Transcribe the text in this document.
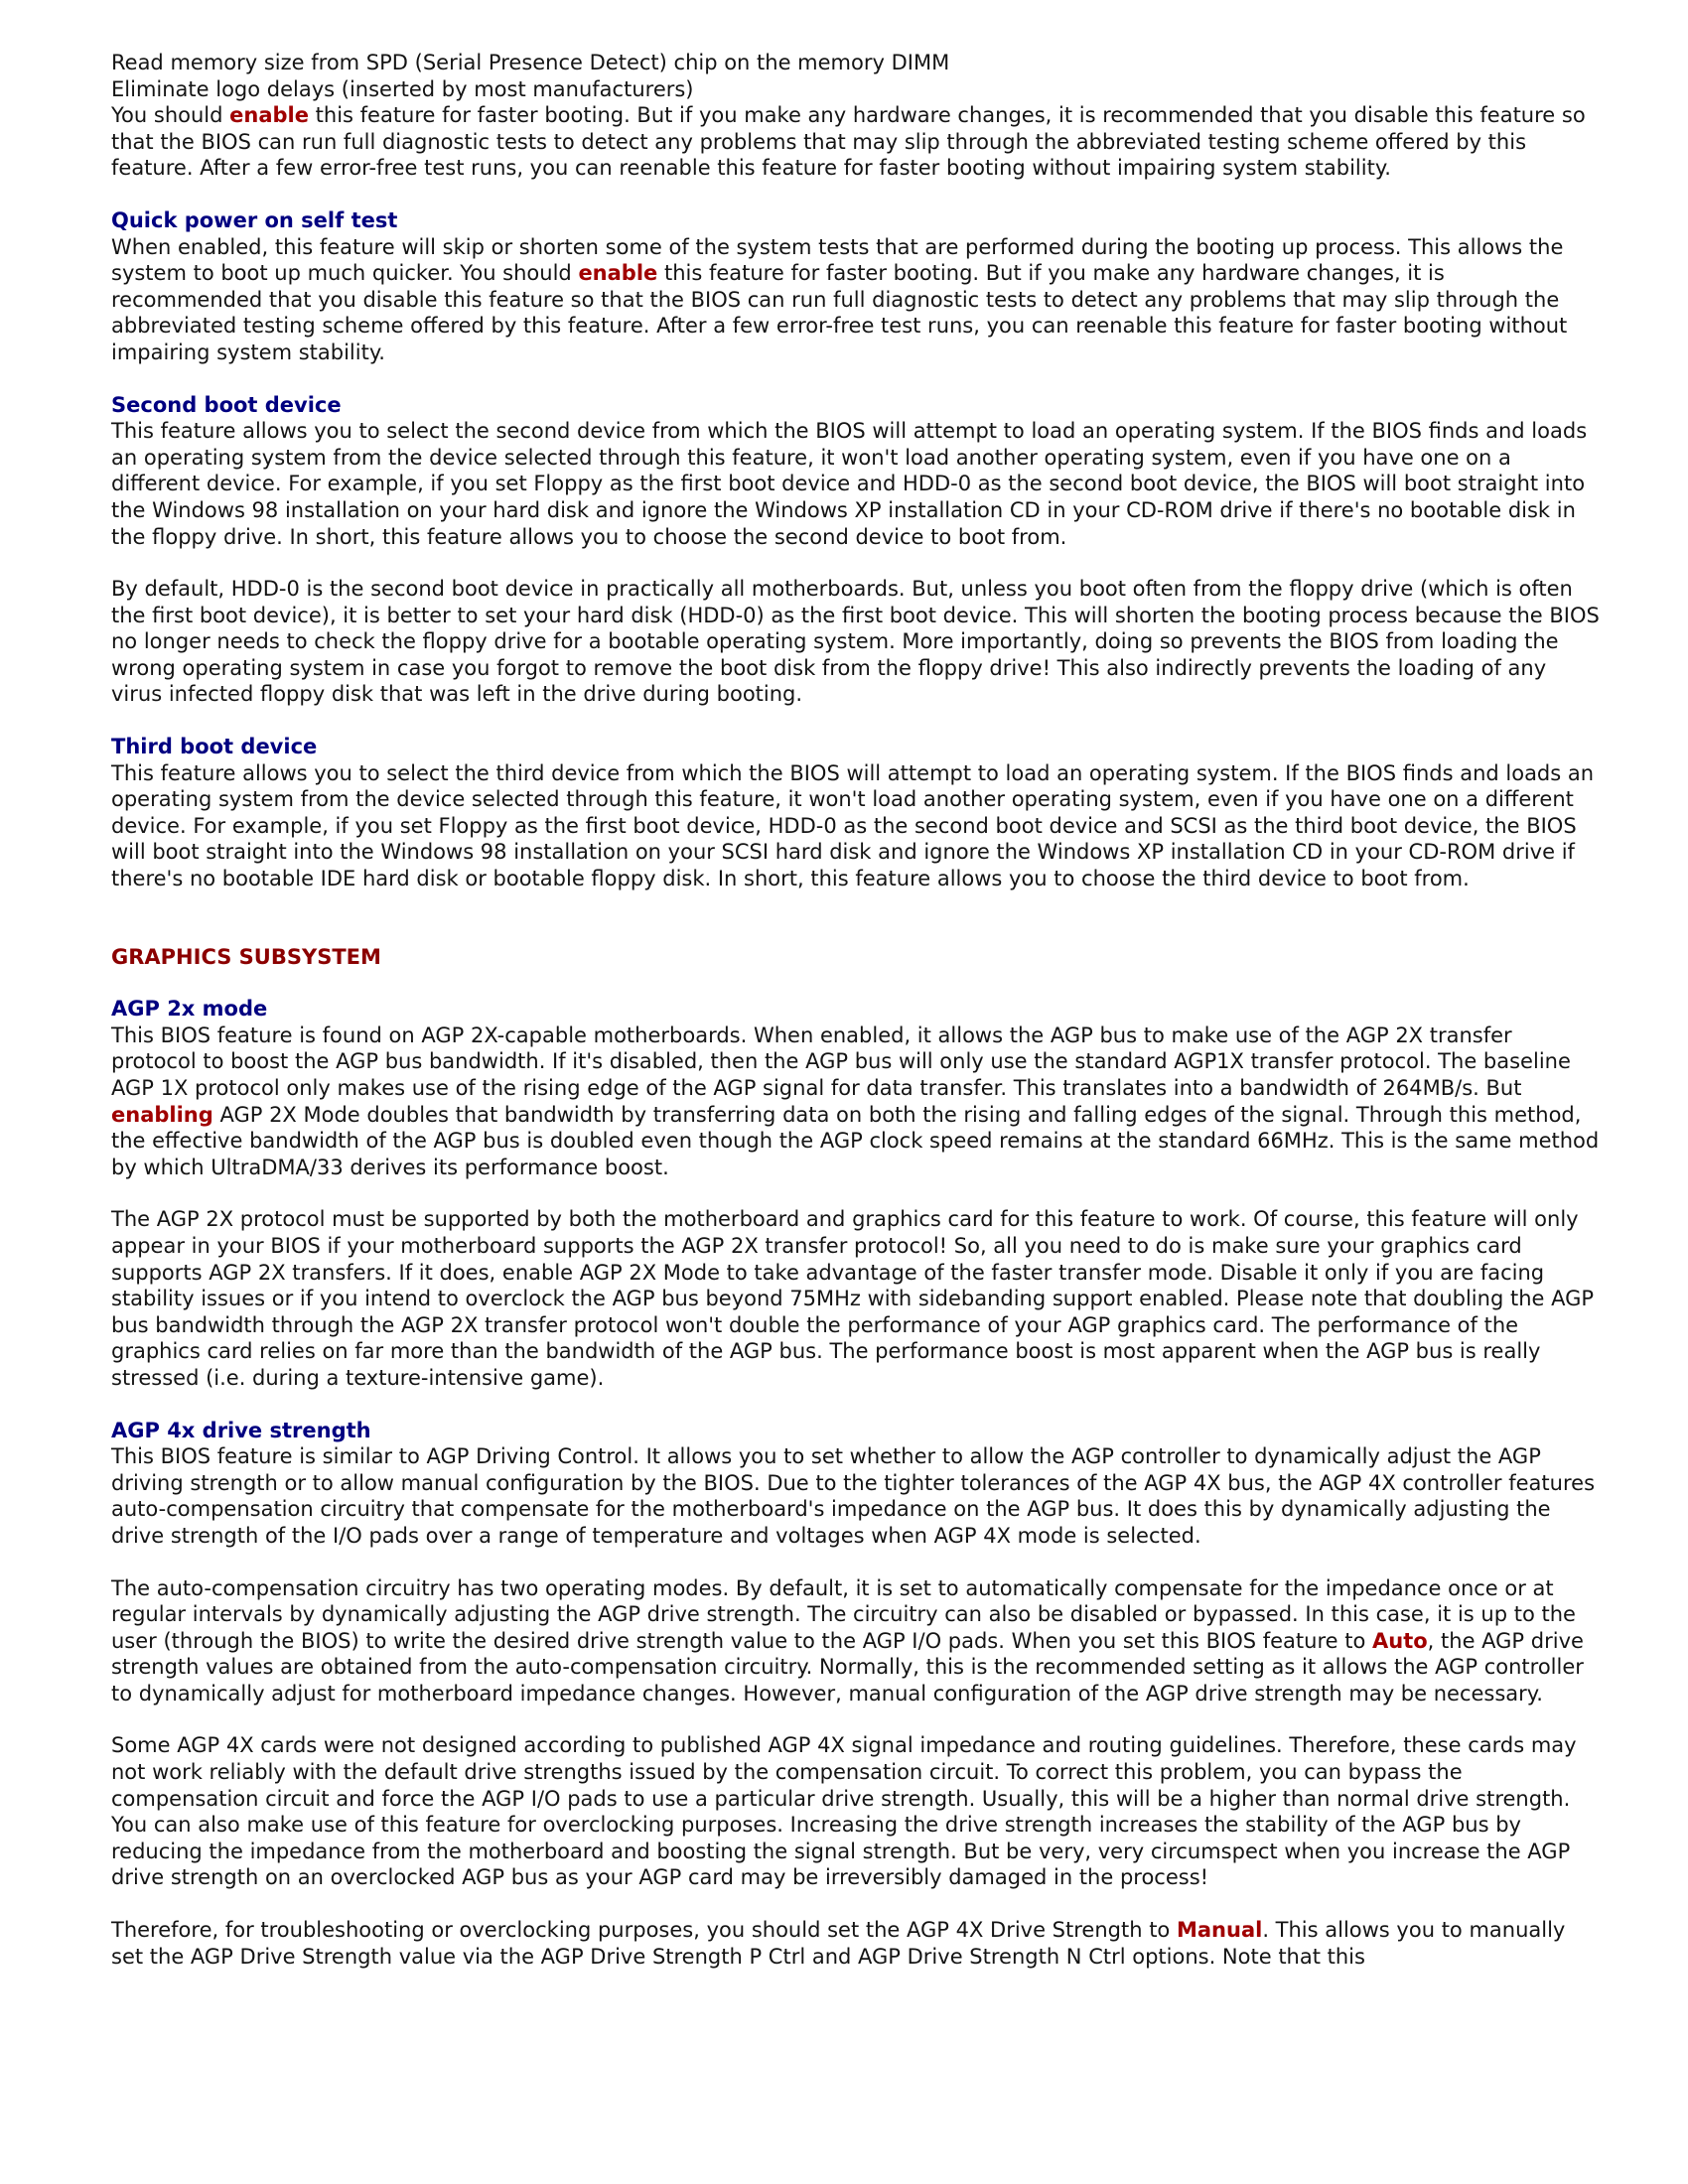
Read memory size from SPD (Serial Presence Detect) chip on the memory DIMM

Eliminate logo delays (inserted by most manufacturers)

You should enable this feature for faster booting. But if you make any hardware changes, it is recommended that you disable this feature so that the BIOS can run full diagnostic tests to detect any problems that may slip through the abbreviated testing scheme offered by this feature. After a few error-free test runs, you can reenable this feature for faster booting without impairing system stability.

Quick power on self test

When enabled, this feature will skip or shorten some of the system tests that are performed during the booting up process. This allows the system to boot up much quicker. You should enable this feature for faster booting. But if you make any hardware changes, it is recommended that you disable this feature so that the BIOS can run full diagnostic tests to detect any problems that may slip through the abbreviated testing scheme offered by this feature. After a few error-free test runs, you can reenable this feature for faster booting without impairing system stability.

Second boot device

This feature allows you to select the second device from which the BIOS will attempt to load an operating system. If the BIOS finds and loads an operating system from the device selected through this feature, it won't load another operating system, even if you have one on a different device. For example, if you set Floppy as the first boot device and HDD-0 as the second boot device, the BIOS will boot straight into the Windows 98 installation on your hard disk and ignore the Windows XP installation CD in your CD-ROM drive if there's no bootable disk in the floppy drive. In short, this feature allows you to choose the second device to boot from.

By default, HDD-0 is the second boot device in practically all motherboards. But, unless you boot often from the floppy drive (which is often the first boot device), it is better to set your hard disk (HDD-0) as the first boot device. This will shorten the booting process because the BIOS no longer needs to check the floppy drive for a bootable operating system. More importantly, doing so prevents the BIOS from loading the wrong operating system in case you forgot to remove the boot disk from the floppy drive! This also indirectly prevents the loading of any virus infected floppy disk that was left in the drive during booting.

Third boot device

This feature allows you to select the third device from which the BIOS will attempt to load an operating system. If the BIOS finds and loads an operating system from the device selected through this feature, it won't load another operating system, even if you have one on a different device. For example, if you set Floppy as the first boot device, HDD-0 as the second boot device and SCSI as the third boot device, the BIOS will boot straight into the Windows 98 installation on your SCSI hard disk and ignore the Windows XP installation CD in your CD-ROM drive if there's no bootable IDE hard disk or bootable floppy disk. In short, this feature allows you to choose the third device to boot from.

GRAPHICS SUBSYSTEM
AGP 2x mode

This BIOS feature is found on AGP 2X-capable motherboards. When enabled, it allows the AGP bus to make use of the AGP 2X transfer protocol to boost the AGP bus bandwidth. If it's disabled, then the AGP bus will only use the standard AGP1X transfer protocol. The baseline AGP 1X protocol only makes use of the rising edge of the AGP signal for data transfer. This translates into a bandwidth of 264MB/s. But enabling AGP 2X Mode doubles that bandwidth by transferring data on both the rising and falling edges of the signal. Through this method, the effective bandwidth of the AGP bus is doubled even though the AGP clock speed remains at the standard 66MHz. This is the same method by which UltraDMA/33 derives its performance boost.

The AGP 2X protocol must be supported by both the motherboard and graphics card for this feature to work. Of course, this feature will only appear in your BIOS if your motherboard supports the AGP 2X transfer protocol! So, all you need to do is make sure your graphics card supports AGP 2X transfers. If it does, enable AGP 2X Mode to take advantage of the faster transfer mode. Disable it only if you are facing stability issues or if you intend to overclock the AGP bus beyond 75MHz with sidebanding support enabled. Please note that doubling the AGP bus bandwidth through the AGP 2X transfer protocol won't double the performance of your AGP graphics card. The performance of the graphics card relies on far more than the bandwidth of the AGP bus. The performance boost is most apparent when the AGP bus is really stressed (i.e. during a texture-intensive game).

AGP 4x drive strength

This BIOS feature is similar to AGP Driving Control. It allows you to set whether to allow the AGP controller to dynamically adjust the AGP driving strength or to allow manual configuration by the BIOS. Due to the tighter tolerances of the AGP 4X bus, the AGP 4X controller features auto-compensation circuitry that compensate for the motherboard's impedance on the AGP bus. It does this by dynamically adjusting the drive strength of the I/O pads over a range of temperature and voltages when AGP 4X mode is selected.

The auto-compensation circuitry has two operating modes. By default, it is set to automatically compensate for the impedance once or at regular intervals by dynamically adjusting the AGP drive strength. The circuitry can also be disabled or bypassed. In this case, it is up to the user (through the BIOS) to write the desired drive strength value to the AGP I/O pads. When you set this BIOS feature to Auto, the AGP drive strength values are obtained from the auto-compensation circuitry. Normally, this is the recommended setting as it allows the AGP controller to dynamically adjust for motherboard impedance changes. However, manual configuration of the AGP drive strength may be necessary.

Some AGP 4X cards were not designed according to published AGP 4X signal impedance and routing guidelines. Therefore, these cards may not work reliably with the default drive strengths issued by the compensation circuit. To correct this problem, you can bypass the compensation circuit and force the AGP I/O pads to use a particular drive strength. Usually, this will be a higher than normal drive strength. You can also make use of this feature for overclocking purposes. Increasing the drive strength increases the stability of the AGP bus by reducing the impedance from the motherboard and boosting the signal strength. But be very, very circumspect when you increase the AGP drive strength on an overclocked AGP bus as your AGP card may be irreversibly damaged in the process!

Therefore, for troubleshooting or overclocking purposes, you should set the AGP 4X Drive Strength to Manual. This allows you to manually set the AGP Drive Strength value via the AGP Drive Strength P Ctrl and AGP Drive Strength N Ctrl options. Note that this
